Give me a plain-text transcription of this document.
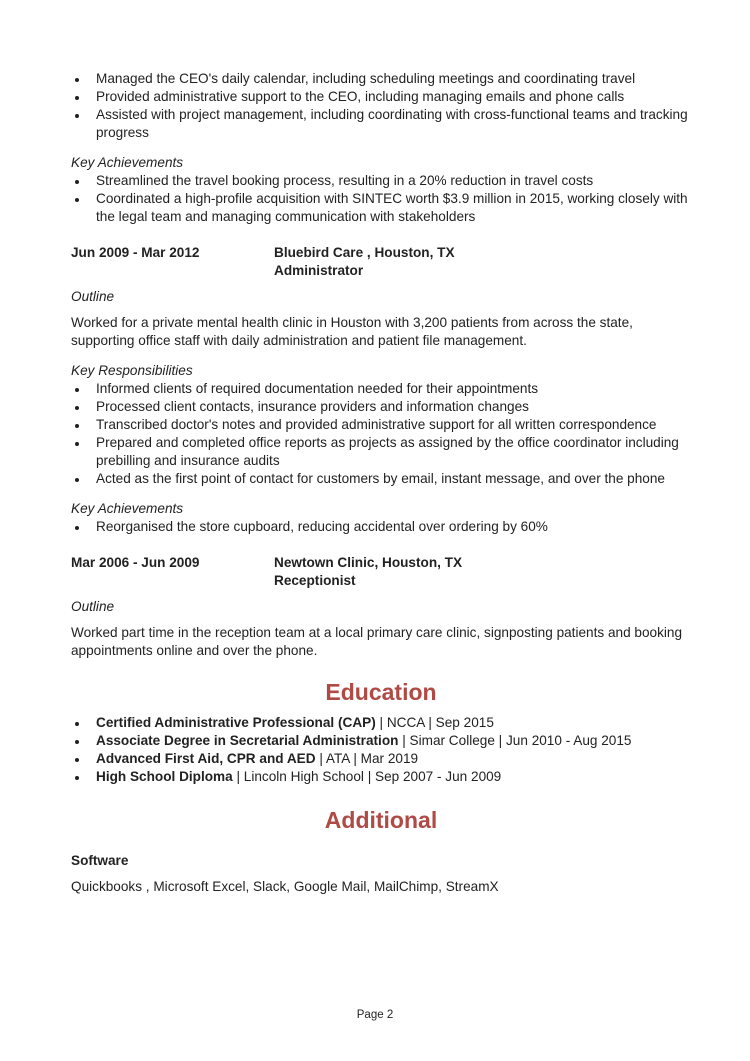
Managed the CEO's daily calendar, including scheduling meetings and coordinating travel
Provided administrative support to the CEO, including managing emails and phone calls
Assisted with project management, including coordinating with cross-functional teams and tracking progress

Key Achievements

Streamlined the travel booking process, resulting in a 20% reduction in travel costs
Coordinated a high-profile acquisition with SINTEC worth $3.9 million in 2015, working closely with the legal team and managing communication with stakeholders
Jun 2009 - Mar 2012	Bluebird Care , Houston, TX
Administrator

Outline

Worked for a private mental health clinic in Houston with 3,200 patients from across the state, supporting office staff with daily administration and patient file management.

Key Responsibilities

Informed clients of required documentation needed for their appointments
Processed client contacts, insurance providers and information changes
Transcribed doctor's notes and provided administrative support for all written correspondence
Prepared and completed office reports as projects as assigned by the office coordinator including prebilling and insurance audits
Acted as the first point of contact for customers by email, instant message, and over the phone

Key Achievements

Reorganised the store cupboard, reducing accidental over ordering by 60%
Mar 2006 - Jun 2009	Newtown Clinic, Houston, TX
Receptionist

Outline

Worked part time in the reception team at a local primary care clinic, signposting patients and booking appointments online and over the phone.

Education
Certified Administrative Professional (CAP) | NCCA | Sep 2015
Associate Degree in Secretarial Administration | Simar College | Jun 2010 - Aug 2015
Advanced First Aid, CPR and AED | ATA | Mar 2019
High School Diploma | Lincoln High School | Sep 2007 - Jun 2009
Additional

Software

Quickbooks , Microsoft Excel, Slack, Google Mail, MailChimp, StreamX

Page 2
